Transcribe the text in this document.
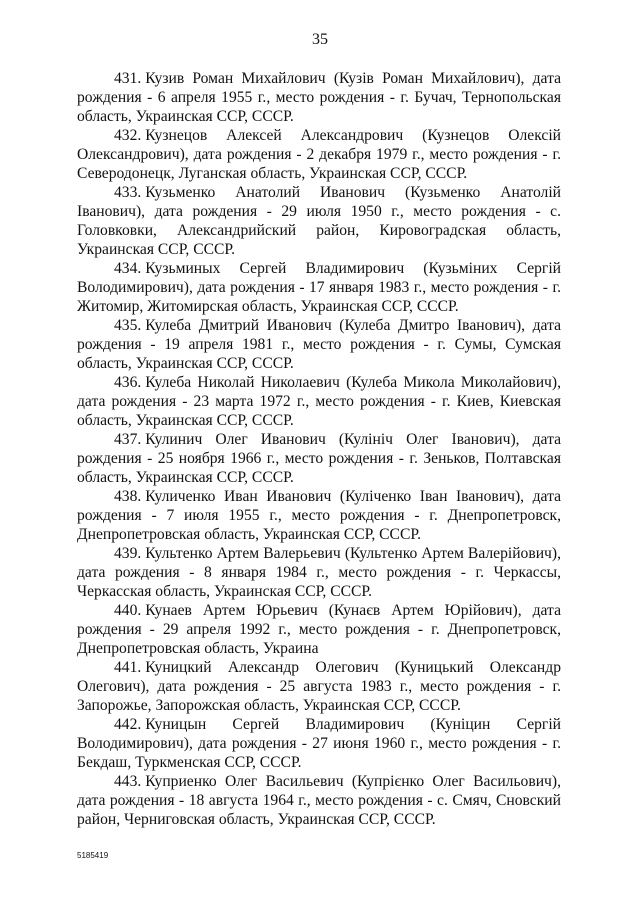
35

431. Кузив Роман Михайлович (Кузів Роман Михайлович), дата рождения - 6 апреля 1955 г., место рождения - г. Бучач, Тернопольская область, Украинская ССР, СССР.

432. Кузнецов Алексей Александрович (Кузнецов Олексій Олександрович), дата рождения - 2 декабря 1979 г., место рождения - г. Северодонецк, Луганская область, Украинская ССР, СССР.

433. Кузьменко Анатолий Иванович (Кузьменко Анатолій Іванович), дата рождения - 29 июля 1950 г., место рождения - с. Головковки, Александрийский район, Кировоградская область, Украинская ССР, СССР.

434. Кузьминых Сергей Владимирович (Кузьміних Сергій Володимирович), дата рождения - 17 января 1983 г., место рождения - г. Житомир, Житомирская область, Украинская ССР, СССР.

435. Кулеба Дмитрий Иванович (Кулеба Дмитро Іванович), дата рождения - 19 апреля 1981 г., место рождения - г. Сумы, Сумская область, Украинская ССР, СССР.

436. Кулеба Николай Николаевич (Кулеба Микола Миколайович), дата рождения - 23 марта 1972 г., место рождения - г. Киев, Киевская область, Украинская ССР, СССР.

437. Кулинич Олег Иванович (Кулініч Олег Іванович), дата рождения - 25 ноября 1966 г., место рождения - г. Зеньков, Полтавская область, Украинская ССР, СССР.

438. Куличенко Иван Иванович (Куліченко Іван Іванович), дата рождения - 7 июля 1955 г., место рождения - г. Днепропетровск, Днепропетровская область, Украинская ССР, СССР.

439. Культенко Артем Валерьевич (Культенко Артем Валерійович), дата рождения - 8 января 1984 г., место рождения - г. Черкассы, Черкасская область, Украинская ССР, СССР.

440. Кунаев Артем Юрьевич (Кунаєв Артем Юрійович), дата рождения - 29 апреля 1992 г., место рождения - г. Днепропетровск, Днепропетровская область, Украина

441. Куницкий Александр Олегович (Куницький Олександр Олегович), дата рождения - 25 августа 1983 г., место рождения - г. Запорожье, Запорожская область, Украинская ССР, СССР.

442. Куницын Сергей Владимирович (Куніцин Сергій Володимирович), дата рождения - 27 июня 1960 г., место рождения - г. Бекдаш, Туркменская ССР, СССР.

443. Куприенко Олег Васильевич (Купрієнко Олег Васильович), дата рождения - 18 августа 1964 г., место рождения - с. Смяч, Сновский район, Черниговская область, Украинская ССР, СССР.

5185419
